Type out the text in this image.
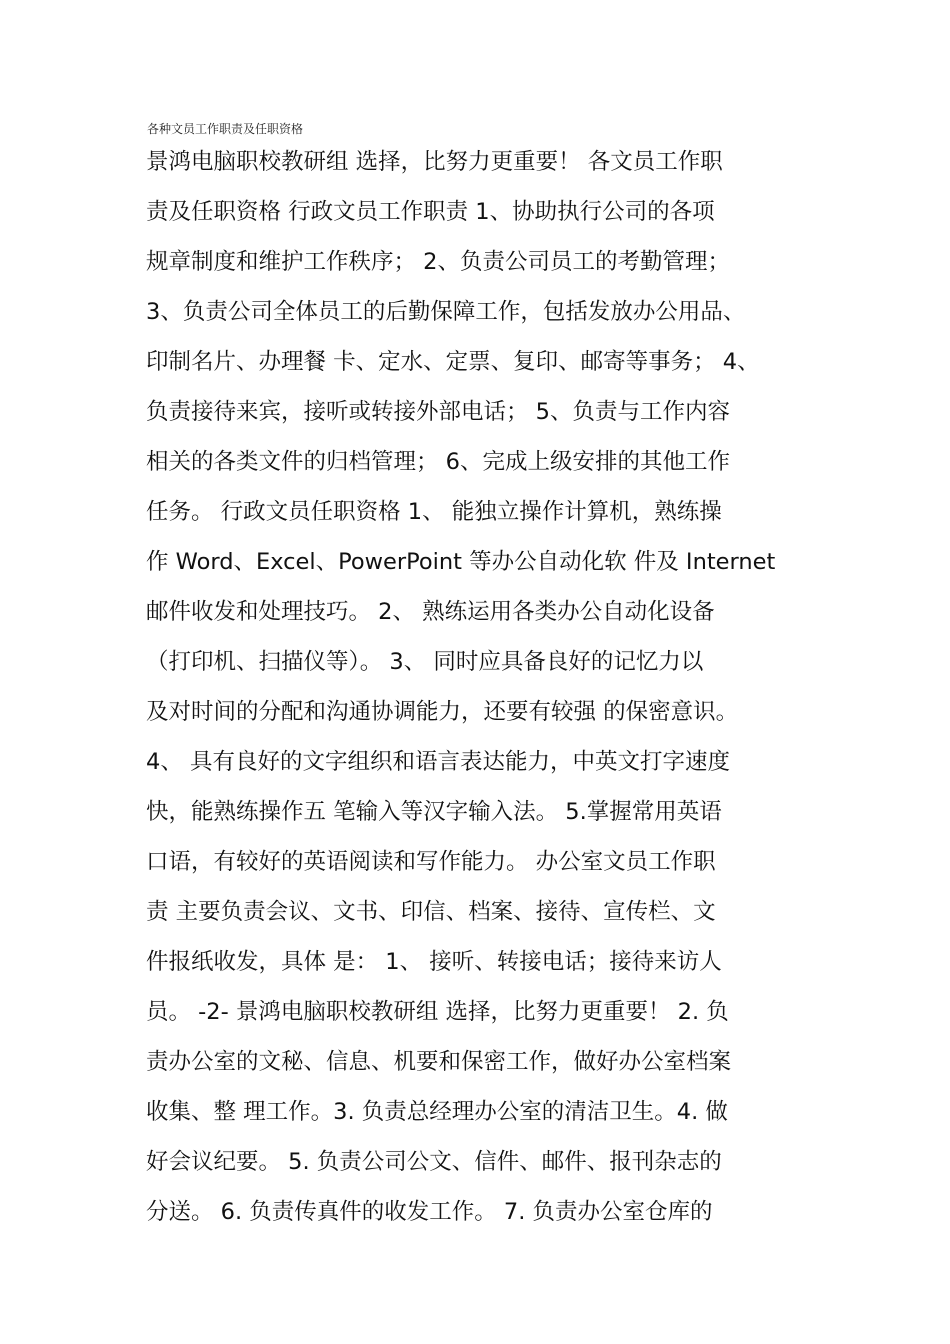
各种文员工作职责及任职资格
景鸿电脑职校教研组 选择，比努力更重要！ 各文员工作职
责及任职资格 行政文员工作职责 1、协助执行公司的各项
规章制度和维护工作秩序； 2、负责公司员工的考勤管理；
3、负责公司全体员工的后勤保障工作，包括发放办公用品、
印制名片、办理餐 卡、定水、定票、复印、邮寄等事务； 4、
负责接待来宾，接听或转接外部电话； 5、负责与工作内容
相关的各类文件的归档管理； 6、完成上级安排的其他工作
任务。 行政文员任职资格 1、 能独立操作计算机，熟练操
作 Word、Excel、PowerPoint 等办公自动化软 件及 Internet
邮件收发和处理技巧。 2、 熟练运用各类办公自动化设备
（打印机、扫描仪等）。 3、 同时应具备良好的记忆力以
及对时间的分配和沟通协调能力，还要有较强 的保密意识。
4、 具有良好的文字组织和语言表达能力，中英文打字速度
快，能熟练操作五 笔输入等汉字输入法。 5.掌握常用英语
口语，有较好的英语阅读和写作能力。 办公室文员工作职
责 主要负责会议、文书、印信、档案、接待、宣传栏、文
件报纸收发，具体 是： 1、 接听、转接电话；接待来访人
员。 -2- 景鸿电脑职校教研组 选择，比努力更重要！ 2. 负
责办公室的文秘、信息、机要和保密工作，做好办公室档案
收集、整 理工作。3. 负责总经理办公室的清洁卫生。4. 做
好会议纪要。 5. 负责公司公文、信件、邮件、报刊杂志的
分送。 6. 负责传真件的收发工作。 7. 负责办公室仓库的
